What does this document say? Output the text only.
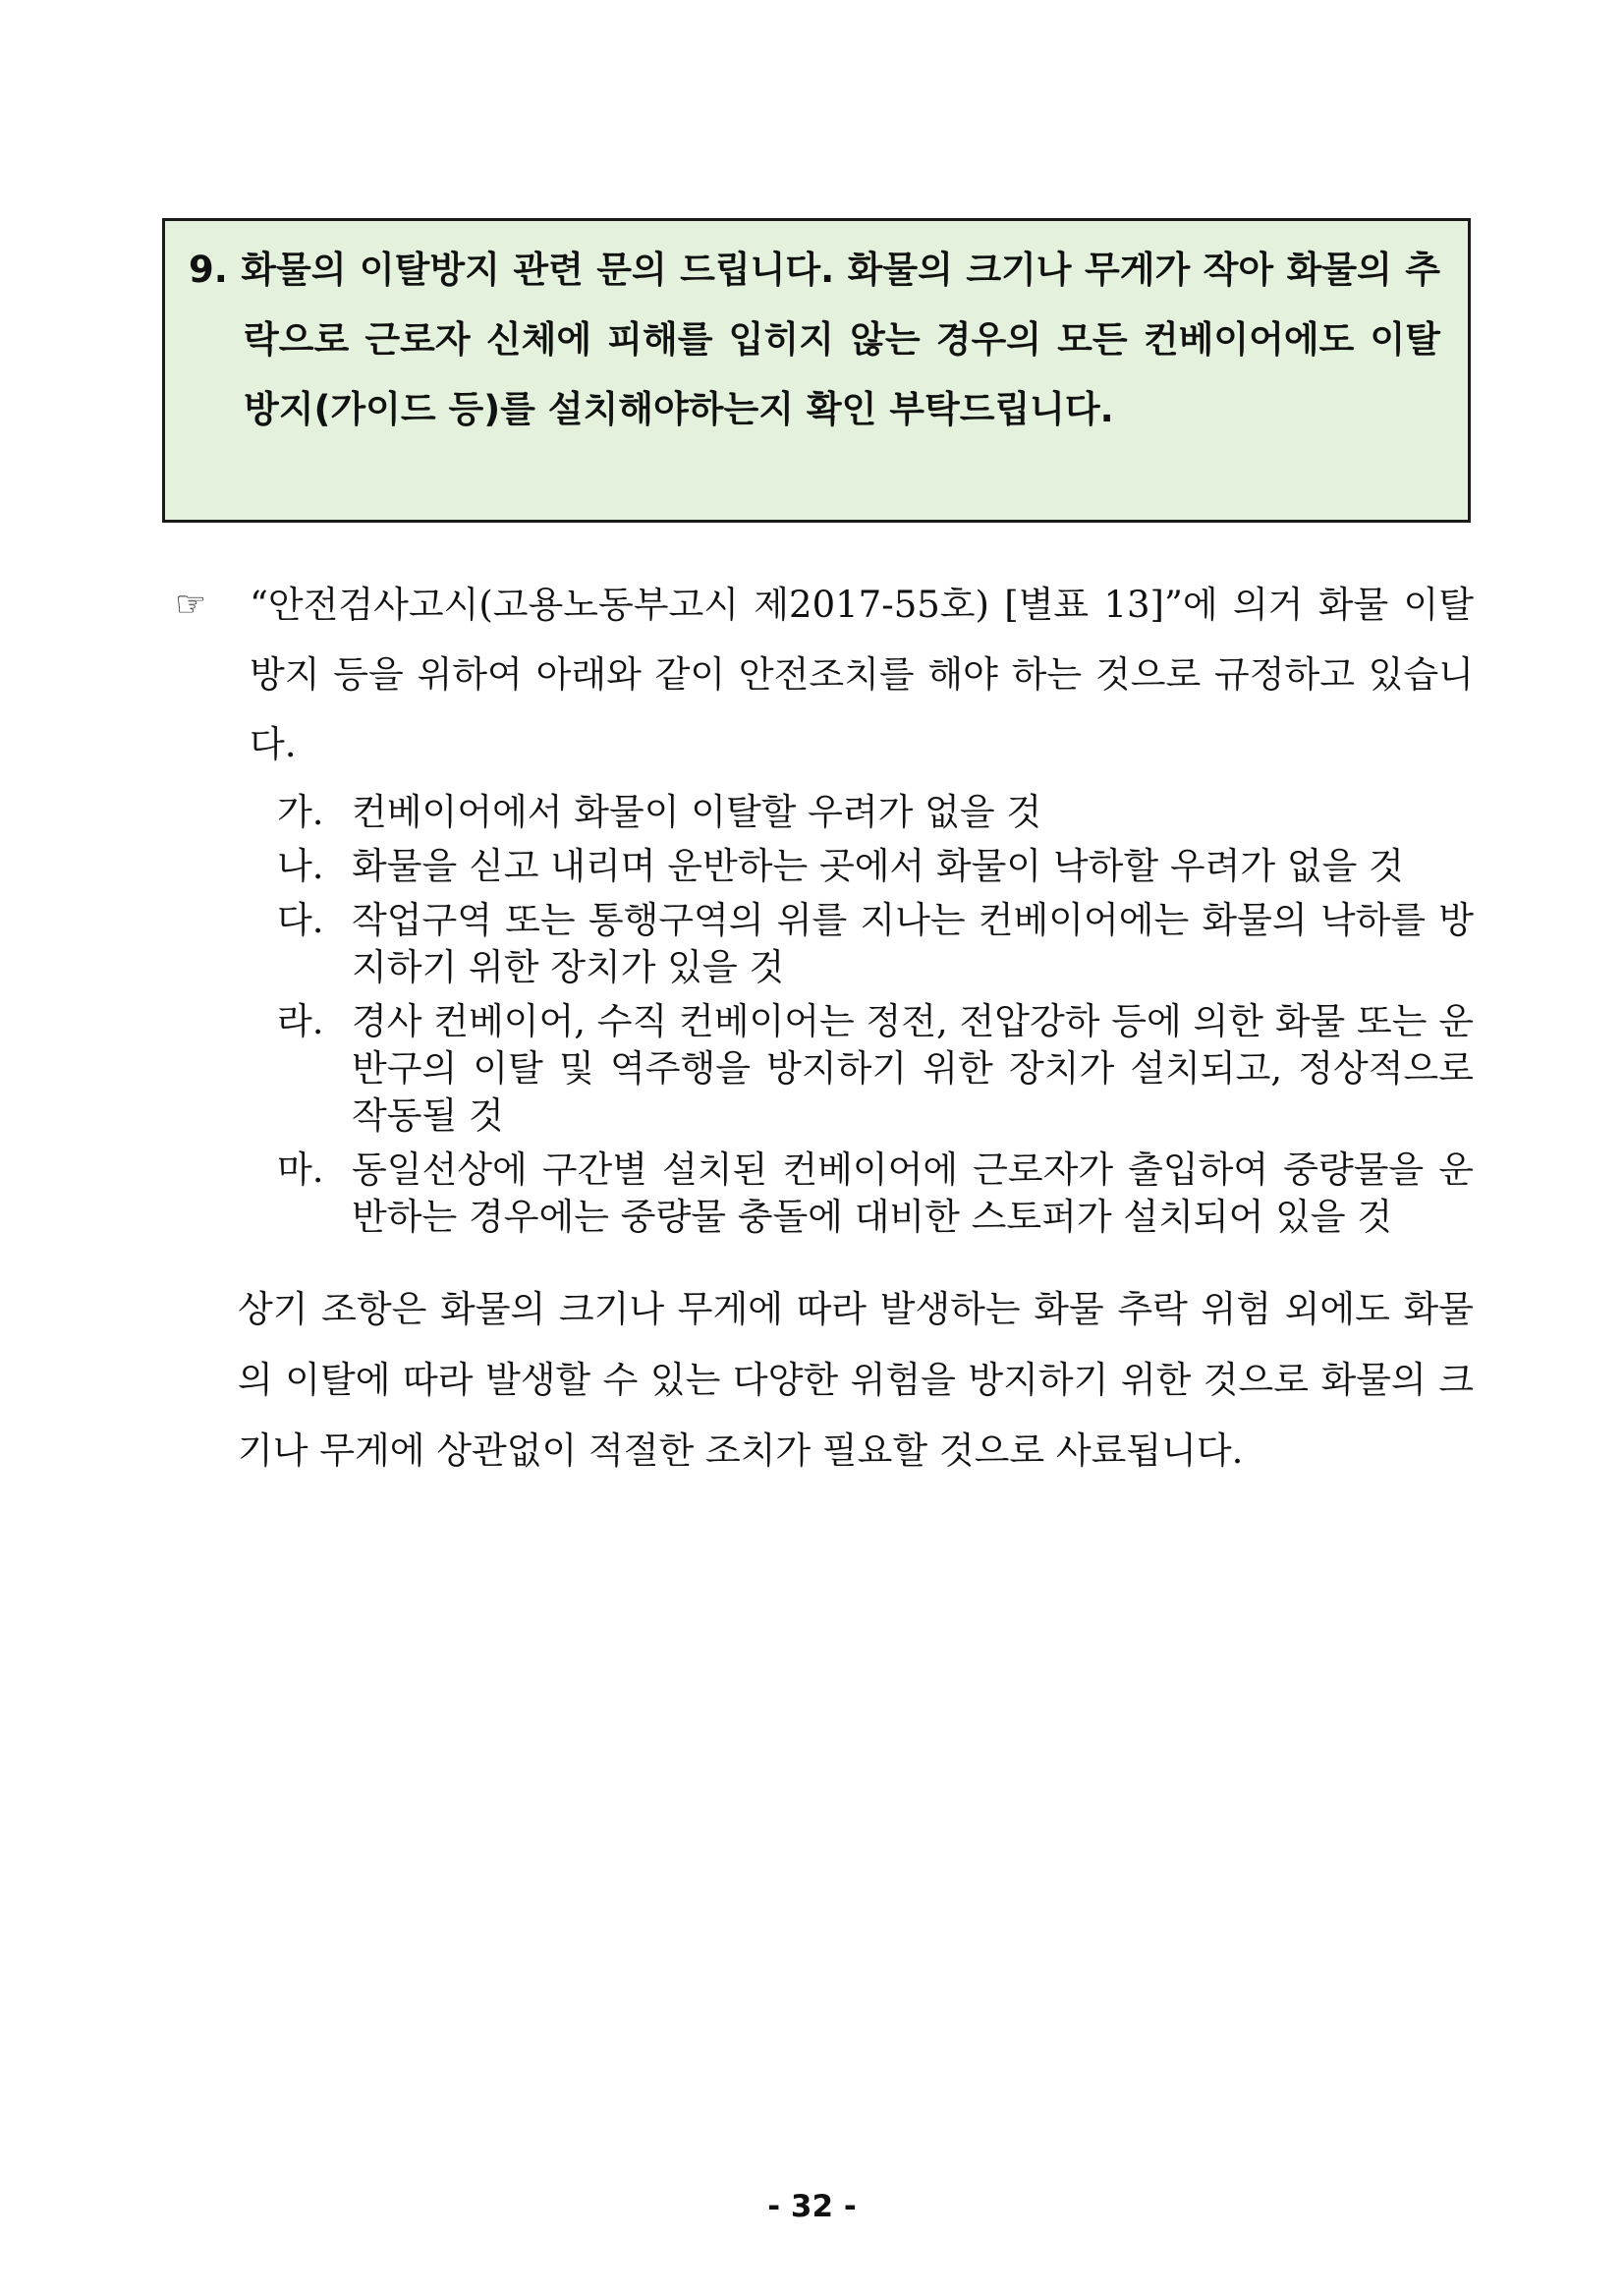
9. 화물의 이탈방지 관련 문의 드립니다. 화물의 크기나 무게가 작아 화물의 추락으로 근로자 신체에 피해를 입히지 않는 경우의 모든 컨베이어에도 이탈방지(가이드 등)를 설치해야하는지 확인 부탁드립니다.

☞ “안전검사고시(고용노동부고시 제2017-55호) [별표 13]”에 의거 화물 이탈 방지 등을 위하여 아래와 같이 안전조치를 해야 하는 것으로 규정하고 있습니다.

가. 컨베이어에서 화물이 이탈할 우려가 없을 것
나. 화물을 싣고 내리며 운반하는 곳에서 화물이 낙하할 우려가 없을 것
다. 작업구역 또는 통행구역의 위를 지나는 컨베이어에는 화물의 낙하를 방지하기 위한 장치가 있을 것
라. 경사 컨베이어, 수직 컨베이어는 정전, 전압강하 등에 의한 화물 또는 운반구의 이탈 및 역주행을 방지하기 위한 장치가 설치되고, 정상적으로 작동될 것
마. 동일선상에 구간별 설치된 컨베이어에 근로자가 출입하여 중량물을 운반하는 경우에는 중량물 충돌에 대비한 스토퍼가 설치되어 있을 것

상기 조항은 화물의 크기나 무게에 따라 발생하는 화물 추락 위험 외에도 화물의 이탈에 따라 발생할 수 있는 다양한 위험을 방지하기 위한 것으로 화물의 크기나 무게에 상관없이 적절한 조치가 필요할 것으로 사료됩니다.

- 32 -
